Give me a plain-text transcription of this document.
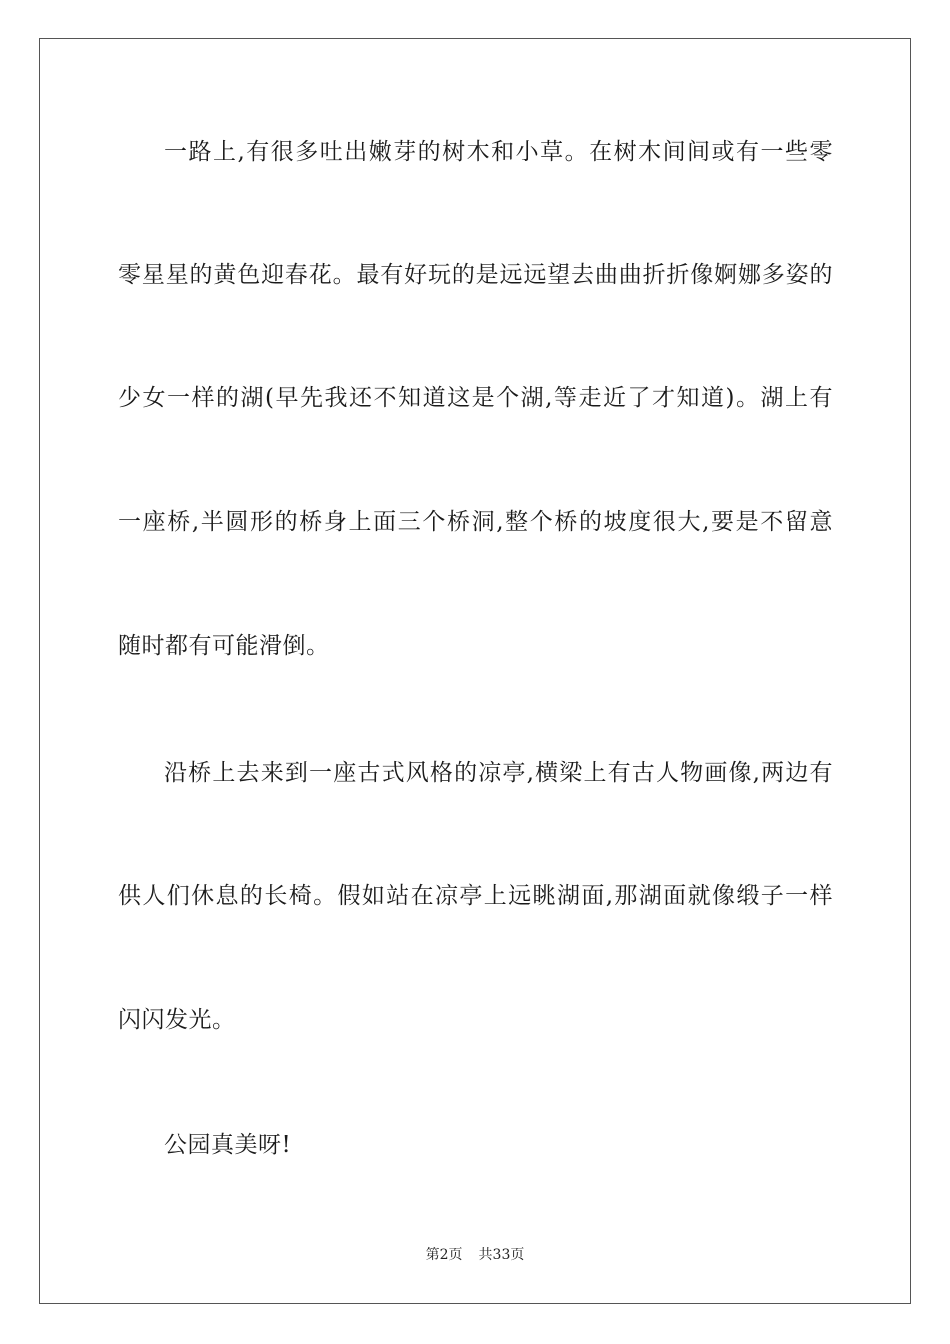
一路上,有很多吐出嫩芽的树木和小草。在树木间间或有一些零
零星星的黄色迎春花。最有好玩的是远远望去曲曲折折像婀娜多姿的
少女一样的湖(早先我还不知道这是个湖,等走近了才知道)。湖上有
一座桥,半圆形的桥身上面三个桥洞,整个桥的坡度很大,要是不留意
随时都有可能滑倒。
沿桥上去来到一座古式风格的凉亭,横梁上有古人物画像,两边有
供人们休息的长椅。假如站在凉亭上远眺湖面,那湖面就像缎子一样
闪闪发光。
公园真美呀!
第2页 共33页
